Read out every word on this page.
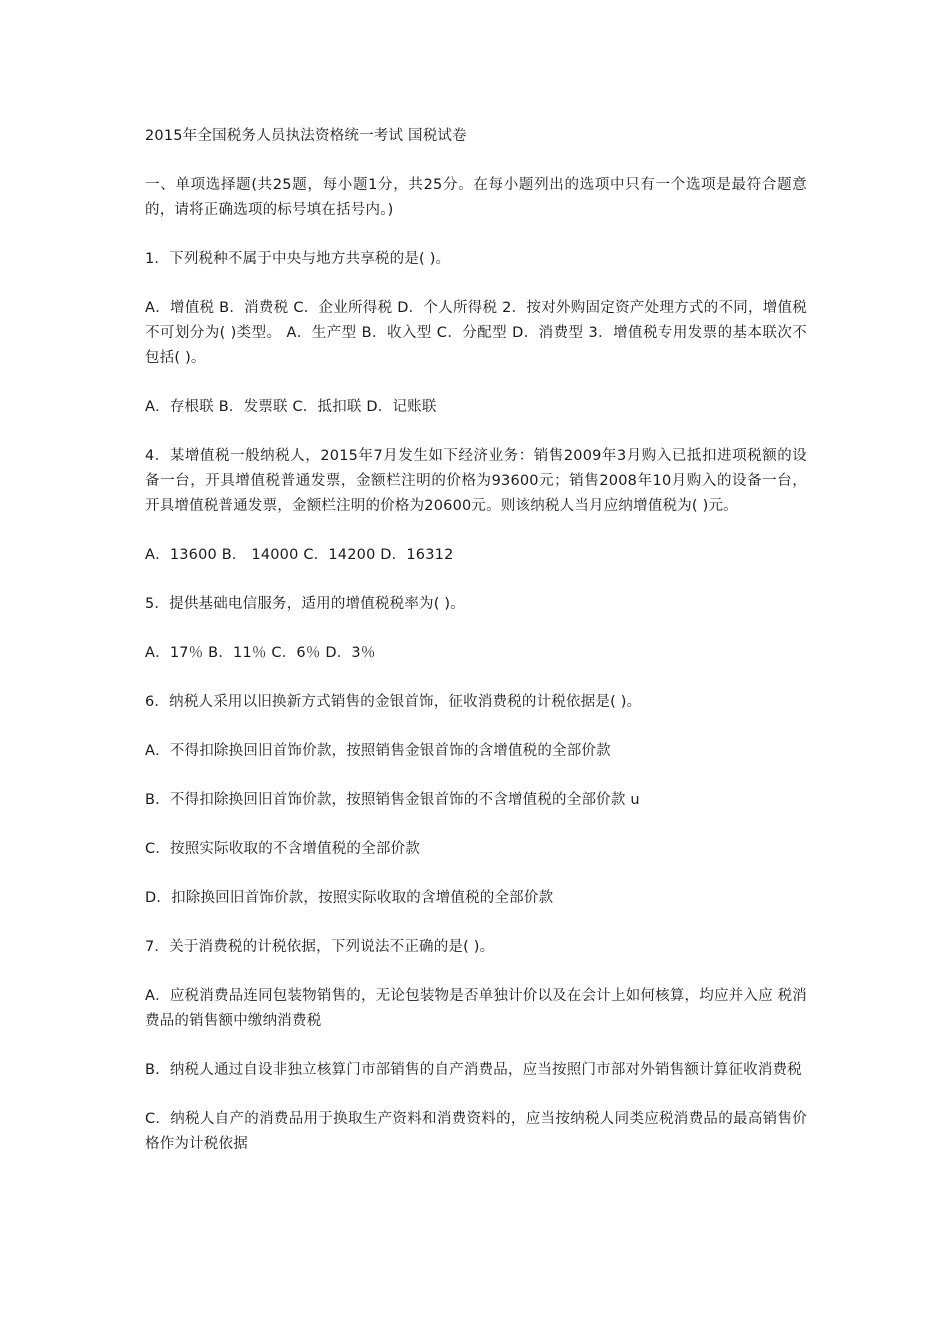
2015年全国税务人员执法资格统一考试 国税试卷

一、单项选择题(共25题，每小题1分，共25分。在每小题列出的选项中只有一个选项是最符合题意的，请将正确选项的标号填在括号内。)

1．下列税种不属于中央与地方共享税的是( )。

A．增值税 B．消费税 C．企业所得税 D．个人所得税 2．按对外购固定资产处理方式的不同，增值税不可划分为( )类型。 A．生产型 B．收入型 C．分配型 D．消费型 3．增值税专用发票的基本联次不包括( )。

A．存根联 B．发票联 C．抵扣联 D．记账联

4．某增值税一般纳税人，2015年7月发生如下经济业务：销售2009年3月购入已抵扣进项税额的设备一台，开具增值税普通发票，金额栏注明的价格为93600元；销售2008年10月购入的设备一台，开具增值税普通发票，金额栏注明的价格为20600元。则该纳税人当月应纳增值税为( )元。

A．13600 B． 14000 C．14200 D．16312

5．提供基础电信服务，适用的增值税税率为( )。

A．17％ B．11％ C．6％ D．3％

6．纳税人采用以旧换新方式销售的金银首饰，征收消费税的计税依据是( )。

A．不得扣除换回旧首饰价款，按照销售金银首饰的含增值税的全部价款

B．不得扣除换回旧首饰价款，按照销售金银首饰的不含增值税的全部价款 u

C．按照实际收取的不含增值税的全部价款

D．扣除换回旧首饰价款，按照实际收取的含增值税的全部价款

7．关于消费税的计税依据，下列说法不正确的是( )。

A．应税消费品连同包装物销售的，无论包装物是否单独计价以及在会计上如何核算，均应并入应 税消费品的销售额中缴纳消费税

B．纳税人通过自设非独立核算门市部销售的自产消费品，应当按照门市部对外销售额计算征收消费税

C．纳税人自产的消费品用于换取生产资料和消费资料的，应当按纳税人同类应税消费品的最高销售价格作为计税依据
